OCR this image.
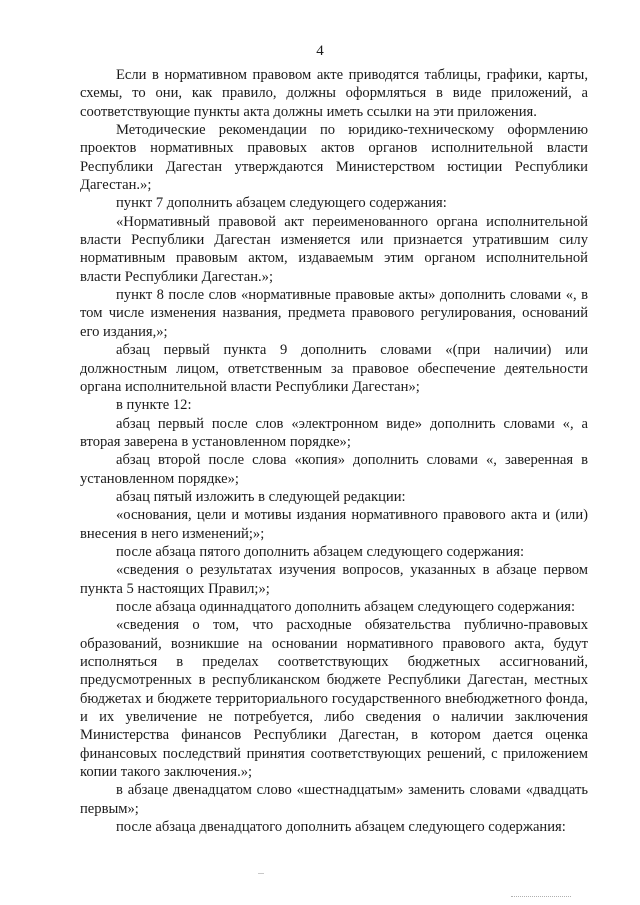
4

Если в нормативном правовом акте приводятся таблицы, графики, карты, схемы, то они, как правило, должны оформляться в виде приложений, а соответствующие пункты акта должны иметь ссылки на эти приложения.

Методические рекомендации по юридико-техническому оформлению проектов нормативных правовых актов органов исполнительной власти Республики Дагестан утверждаются Министерством юстиции Республики Дагестан.»;

пункт 7 дополнить абзацем следующего содержания:

«Нормативный правовой акт переименованного органа исполнительной власти Республики Дагестан изменяется или признается утратившим силу нормативным правовым актом, издаваемым этим органом исполнительной власти Республики Дагестан.»;

пункт 8 после слов «нормативные правовые акты» дополнить словами «, в том числе изменения названия, предмета правового регулирования, оснований его издания,»;

абзац первый пункта 9 дополнить словами «(при наличии) или должностным лицом, ответственным за правовое обеспечение деятельности органа исполнительной власти Республики Дагестан»;

в пункте 12:

абзац первый после слов «электронном виде» дополнить словами «, а вторая заверена в установленном порядке»;

абзац второй после слова «копия» дополнить словами «, заверенная в установленном порядке»;

абзац пятый изложить в следующей редакции:

«основания, цели и мотивы издания нормативного правового акта и (или) внесения в него изменений;»;

после абзаца пятого дополнить абзацем следующего содержания:

«сведения о результатах изучения вопросов, указанных в абзаце первом пункта 5 настоящих Правил;»;

после абзаца одиннадцатого дополнить абзацем следующего содержания:

«сведения о том, что расходные обязательства публично-правовых образований, возникшие на основании нормативного правового акта, будут исполняться в пределах соответствующих бюджетных ассигнований, предусмотренных в республиканском бюджете Республики Дагестан, местных бюджетах и бюджете территориального государственного внебюджетного фонда, и их увеличение не потребуется, либо сведения о наличии заключения Министерства финансов Республики Дагестан, в котором дается оценка финансовых последствий принятия соответствующих решений, с приложением копии такого заключения.»;

в абзаце двенадцатом слово «шестнадцатым» заменить словами «двадцать первым»;

после абзаца двенадцатого дополнить абзацем следующего содержания:
